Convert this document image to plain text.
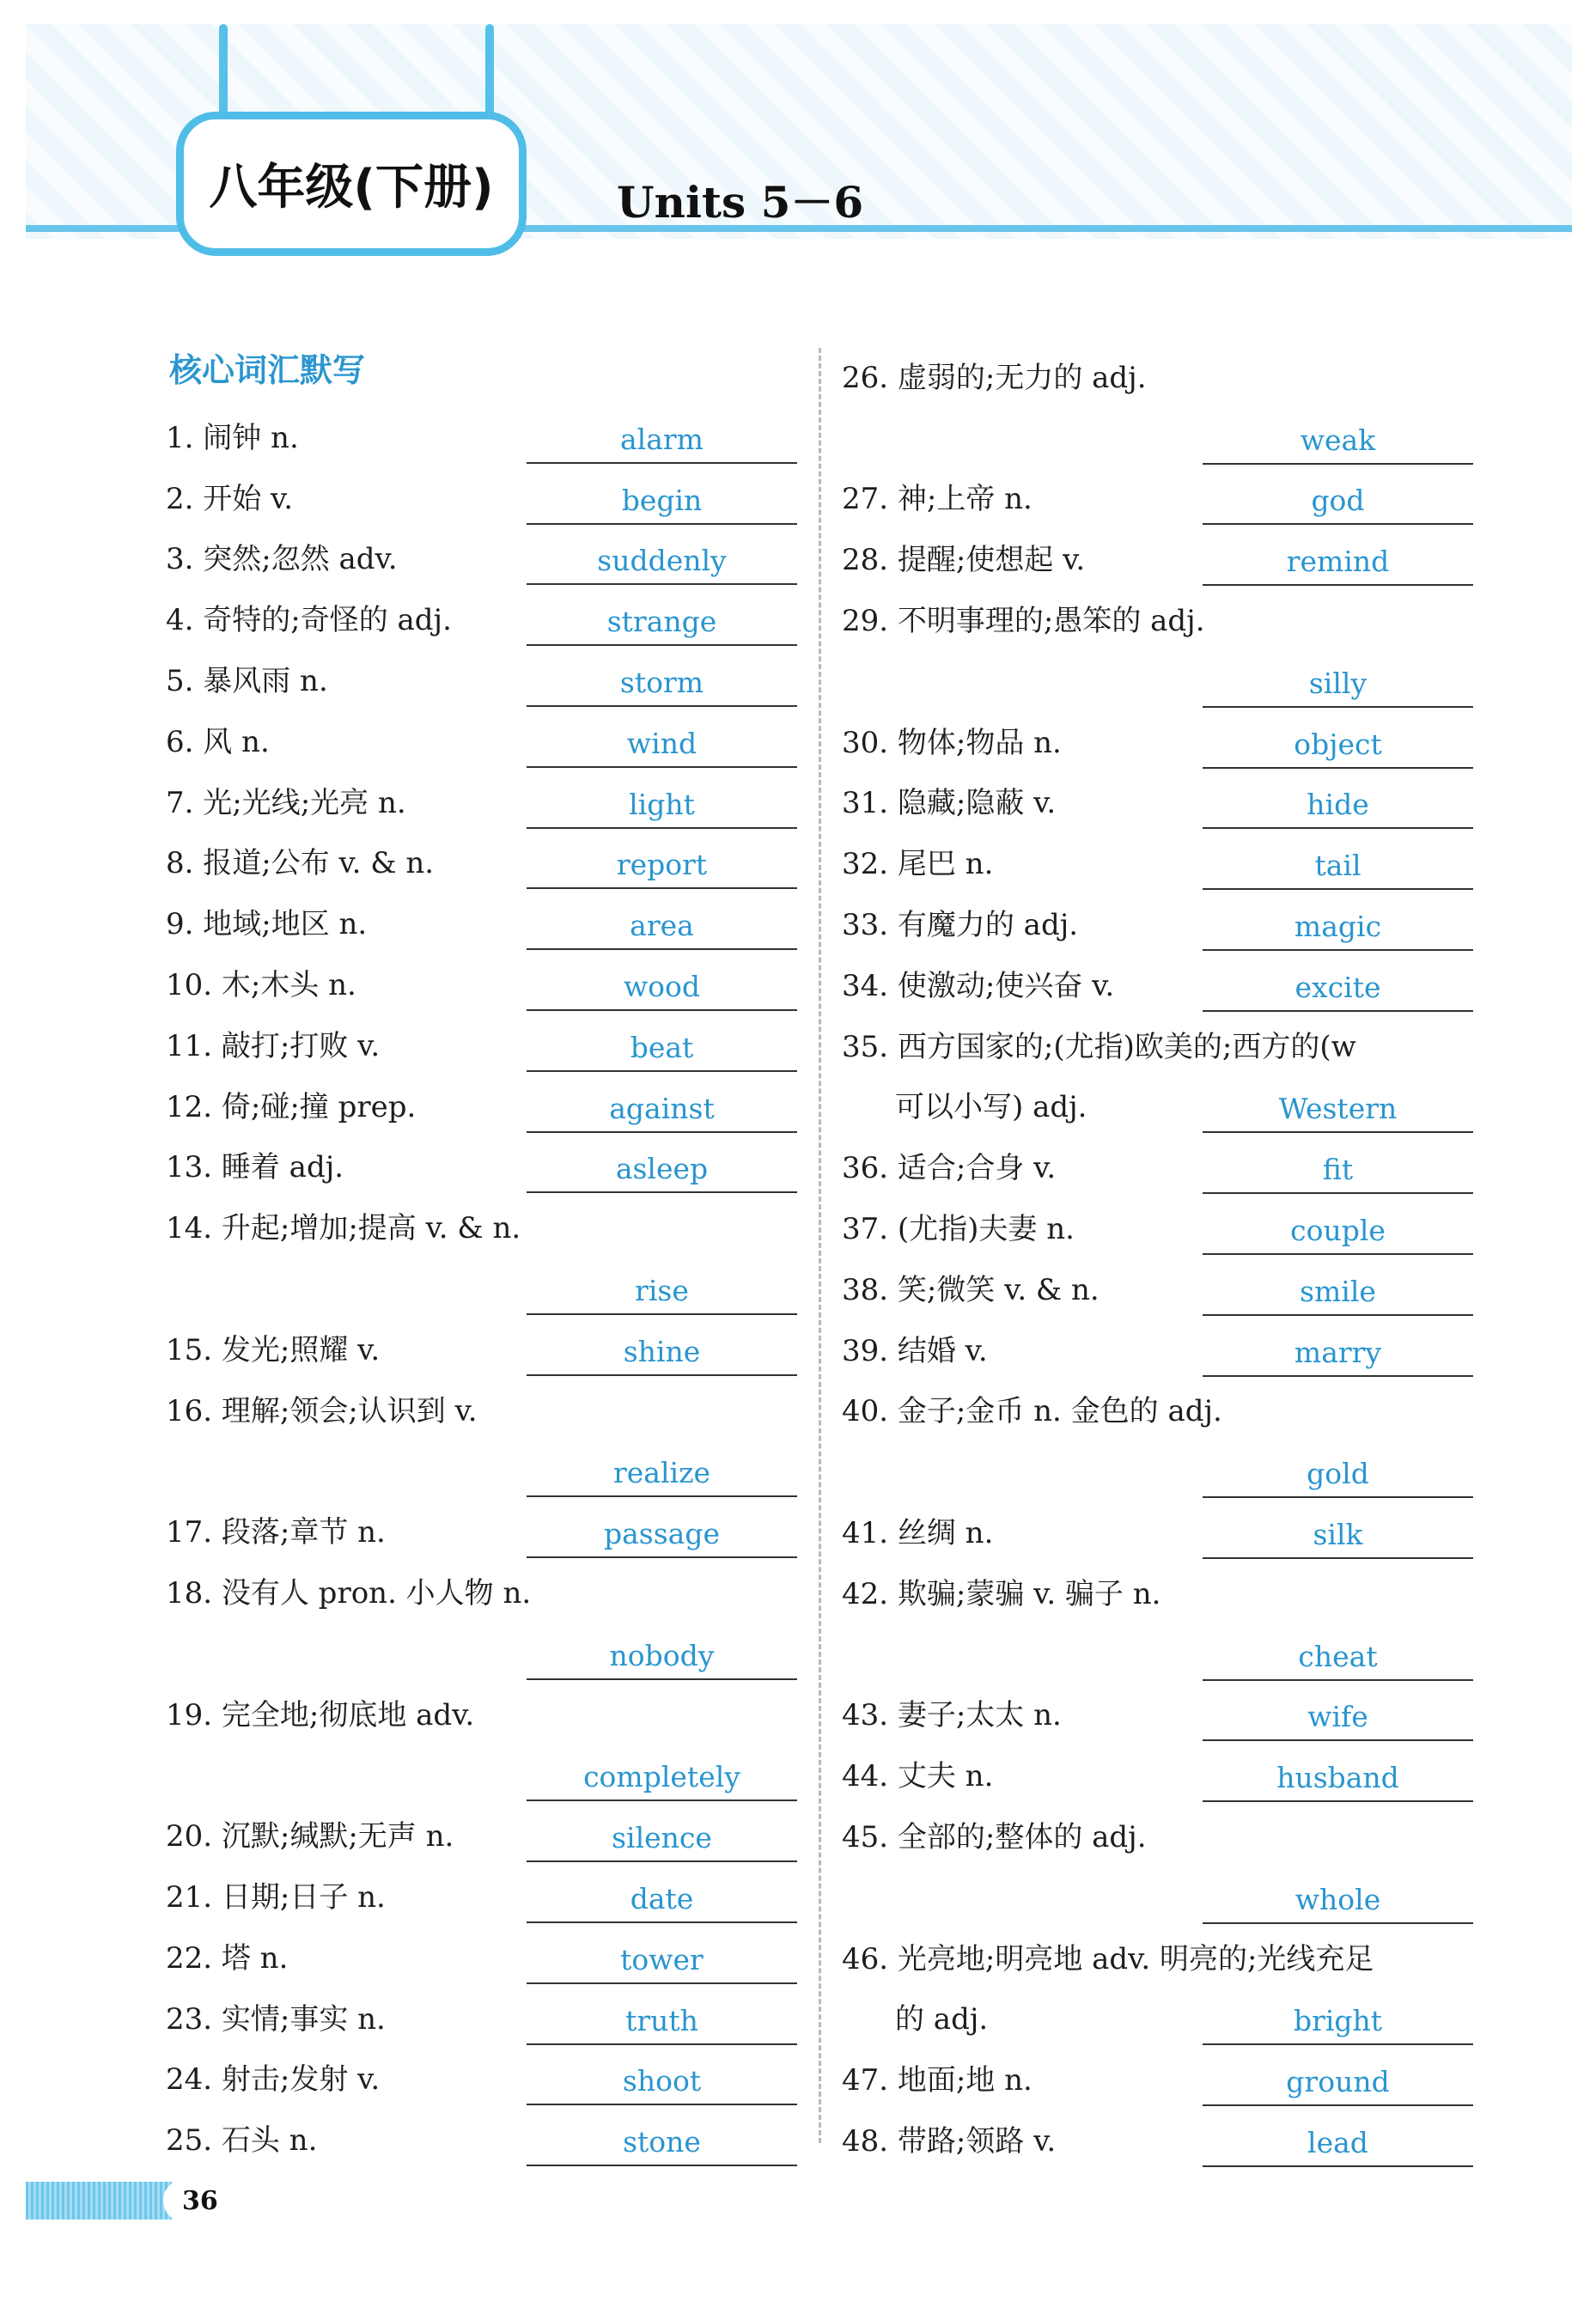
八年级(下册)	Units 5－6
核心词汇默写
1. 闹钟 n.	alarm
2. 开始 v.	begin
3. 突然;忽然 adv.	suddenly
4. 奇特的;奇怪的 adj.	strange
5. 暴风雨 n.	storm
6. 风 n.	wind
7. 光;光线;光亮 n.	light
8. 报道;公布 v. & n.	report
9. 地域;地区 n.	area
10. 木;木头 n.	wood
11. 敲打;打败 v.	beat
12. 倚;碰;撞 prep.	against
13. 睡着 adj.	asleep
14. 升起;增加;提高 v. & n.
rise
15. 发光;照耀 v.	shine
16. 理解;领会;认识到 v.
realize
17. 段落;章节 n.	passage
18. 没有人 pron. 小人物 n.
nobody
19. 完全地;彻底地 adv.
completely
20. 沉默;缄默;无声 n.	silence
21. 日期;日子 n.	date
22. 塔 n.	tower
23. 实情;事实 n.	truth
24. 射击;发射 v.	shoot
25. 石头 n.	stone
26. 虚弱的;无力的 adj.
weak
27. 神;上帝 n.	god
28. 提醒;使想起 v.	remind
29. 不明事理的;愚笨的 adj.
silly
30. 物体;物品 n.	object
31. 隐藏;隐蔽 v.	hide
32. 尾巴 n.	tail
33. 有魔力的 adj.	magic
34. 使激动;使兴奋 v.	excite
35. 西方国家的;(尤指)欧美的;西方的(w
可以小写) adj.	Western
36. 适合;合身 v.	fit
37. (尤指)夫妻 n.	couple
38. 笑;微笑 v. & n.	smile
39. 结婚 v.	marry
40. 金子;金币 n. 金色的 adj.
gold
41. 丝绸 n.	silk
42. 欺骗;蒙骗 v. 骗子 n.
cheat
43. 妻子;太太 n.	wife
44. 丈夫 n.	husband
45. 全部的;整体的 adj.
whole
46. 光亮地;明亮地 adv. 明亮的;光线充足
的 adj.	bright
47. 地面;地 n.	ground
48. 带路;领路 v.	lead
36
